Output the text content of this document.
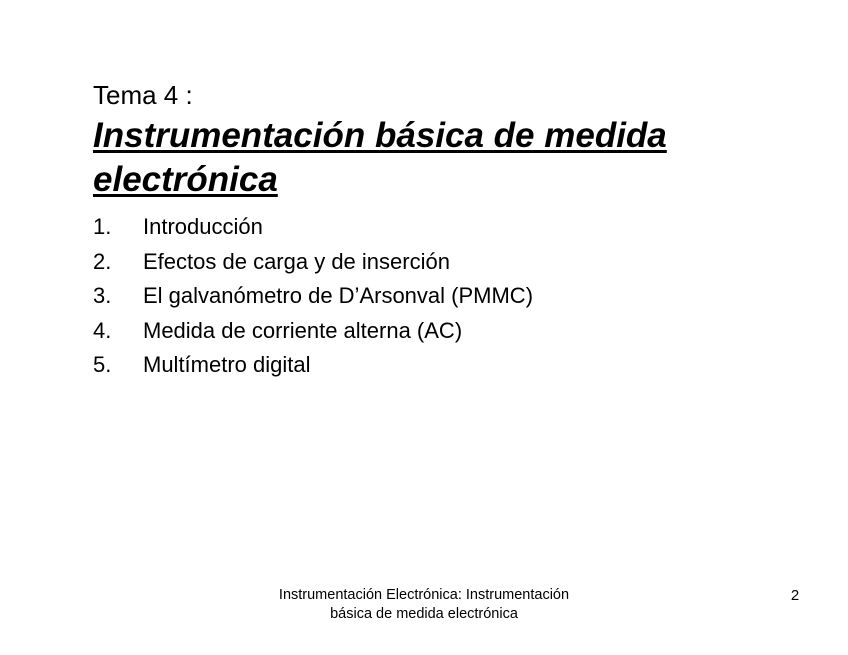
Tema 4 :
Instrumentación básica de medida electrónica
1.	Introducción
2.	Efectos de carga y de inserción
3.	El galvanómetro de D’Arsonval (PMMC)
4.	Medida de corriente alterna (AC)
5.	Multímetro digital
Instrumentación Electrónica: Instrumentación
básica de medida electrónica
2
